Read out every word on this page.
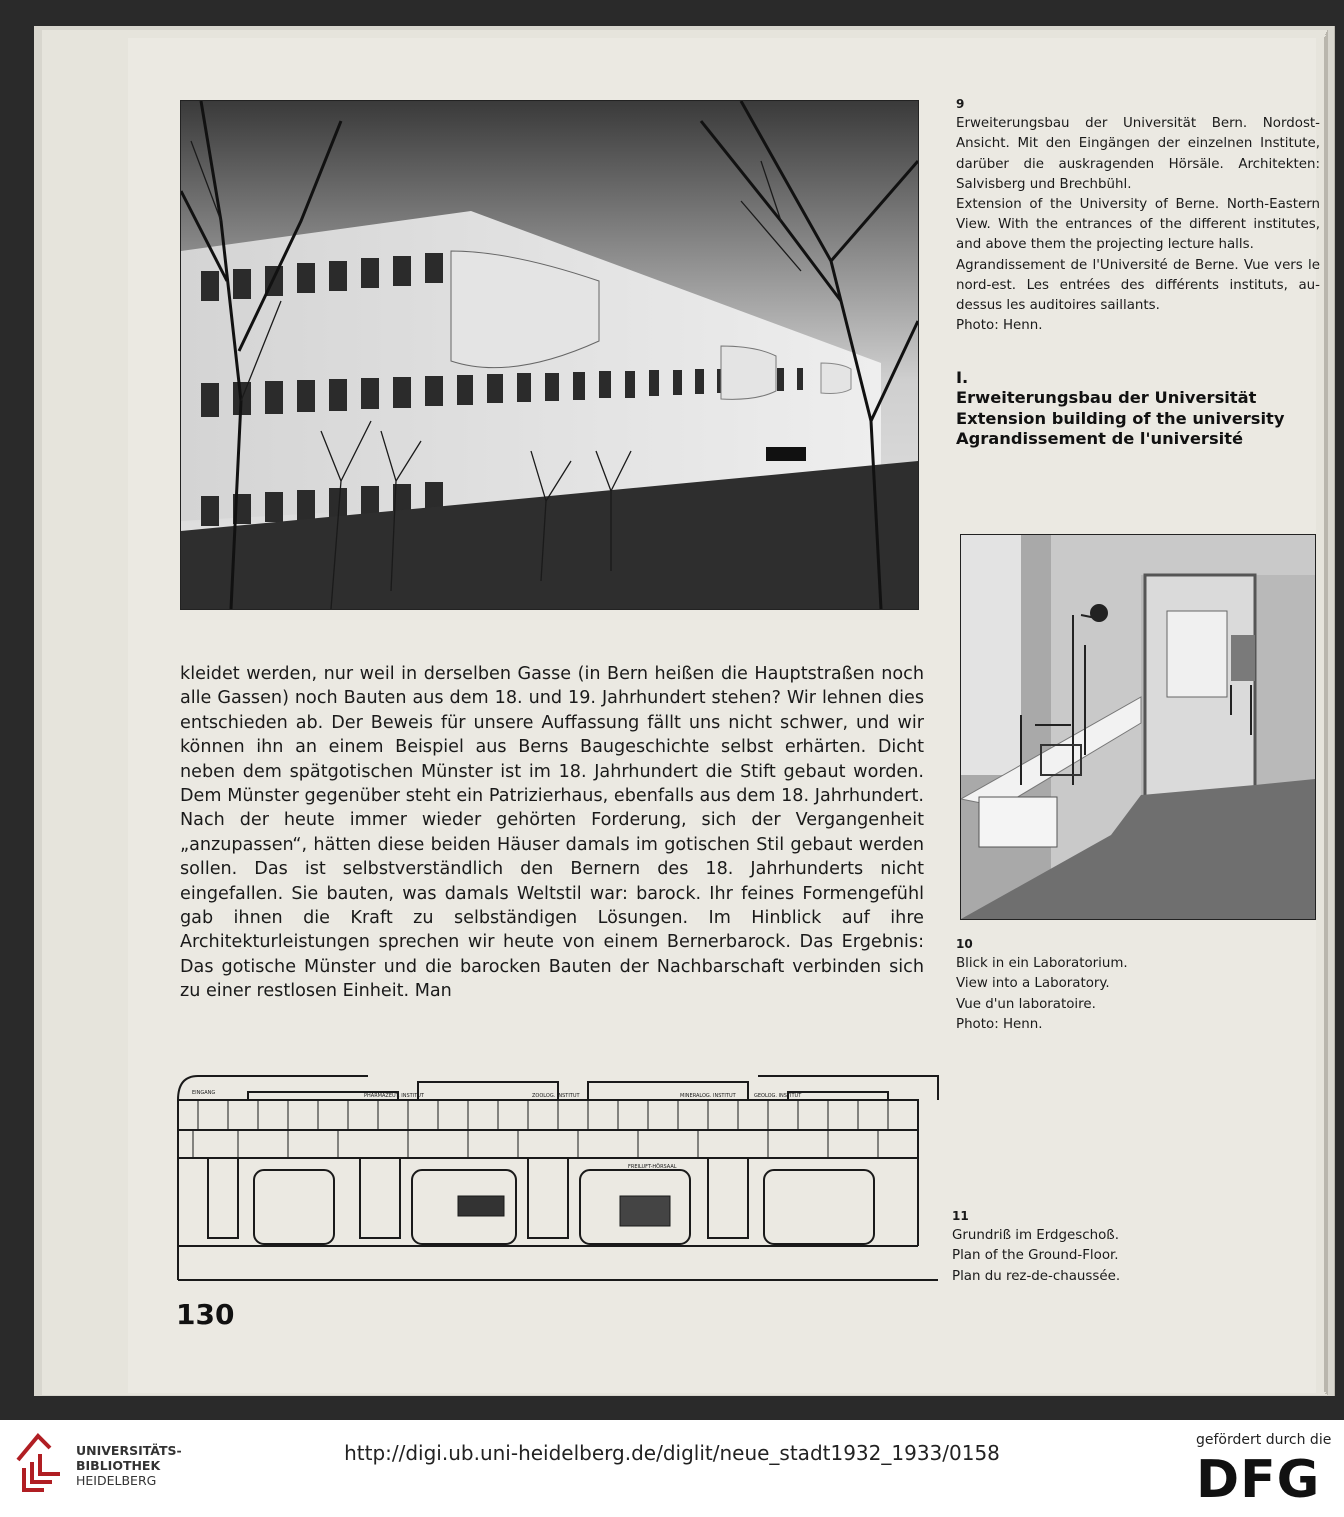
9

Erweiterungsbau der Universität Bern. Nordost-Ansicht. Mit den Eingängen der einzelnen Institute, darüber die auskragenden Hörsäle. Architekten: Salvisberg und Brechbühl.

Extension of the University of Berne. North-Eastern View. With the entrances of the different institutes, and above them the projecting lecture halls.

Agrandissement de l'Université de Berne. Vue vers le nord-est. Les entrées des différents instituts, au-dessus les auditoires saillants.

Photo: Henn.

I.
Erweiterungsbau der Universität
Extension building of the university
Agrandissement de l'université

10

Blick in ein Laboratorium.

View into a Laboratory.

Vue d'un laboratoire.

Photo: Henn.

kleidet werden, nur weil in derselben Gasse (in Bern heißen die Hauptstraßen noch alle Gassen) noch Bauten aus dem 18. und 19. Jahrhundert stehen? Wir lehnen dies entschieden ab. Der Beweis für unsere Auffassung fällt uns nicht schwer, und wir können ihn an einem Beispiel aus Berns Baugeschichte selbst erhärten. Dicht neben dem spätgotischen Münster ist im 18. Jahrhundert die Stift gebaut worden. Dem Münster gegenüber steht ein Patrizierhaus, ebenfalls aus dem 18. Jahrhundert. Nach der heute immer wieder gehörten Forderung, sich der Vergangenheit „anzupassen“, hätten diese beiden Häuser damals im gotischen Stil gebaut werden sollen. Das ist selbstverständlich den Bernern des 18. Jahrhunderts nicht eingefallen. Sie bauten, was damals Weltstil war: barock. Ihr feines Formengefühl gab ihnen die Kraft zu selbständigen Lösungen. Im Hinblick auf ihre Architekturleistungen sprechen wir heute von einem Bernerbarock. Das Ergebnis: Das gotische Münster und die barocken Bauten der Nachbarschaft verbinden sich zu einer restlosen Einheit. Man
PHARMAZEUT. INSTITUT	ZOOLOG. INSTITUT	MINERALOG. INSTITUT	GEOLOG. INSTITUT
EINGANG
FREILUFT-HÖRSAAL

11

Grundriß im Erdgeschoß.

Plan of the Ground-Floor.

Plan du rez-de-chaussée.

130
UNIVERSITÄTS-
BIBLIOTHEK
HEIDELBERG
http://digi.ub.uni-heidelberg.de/diglit/neue_stadt1932_1933/0158
gefördert durch die
DFG
